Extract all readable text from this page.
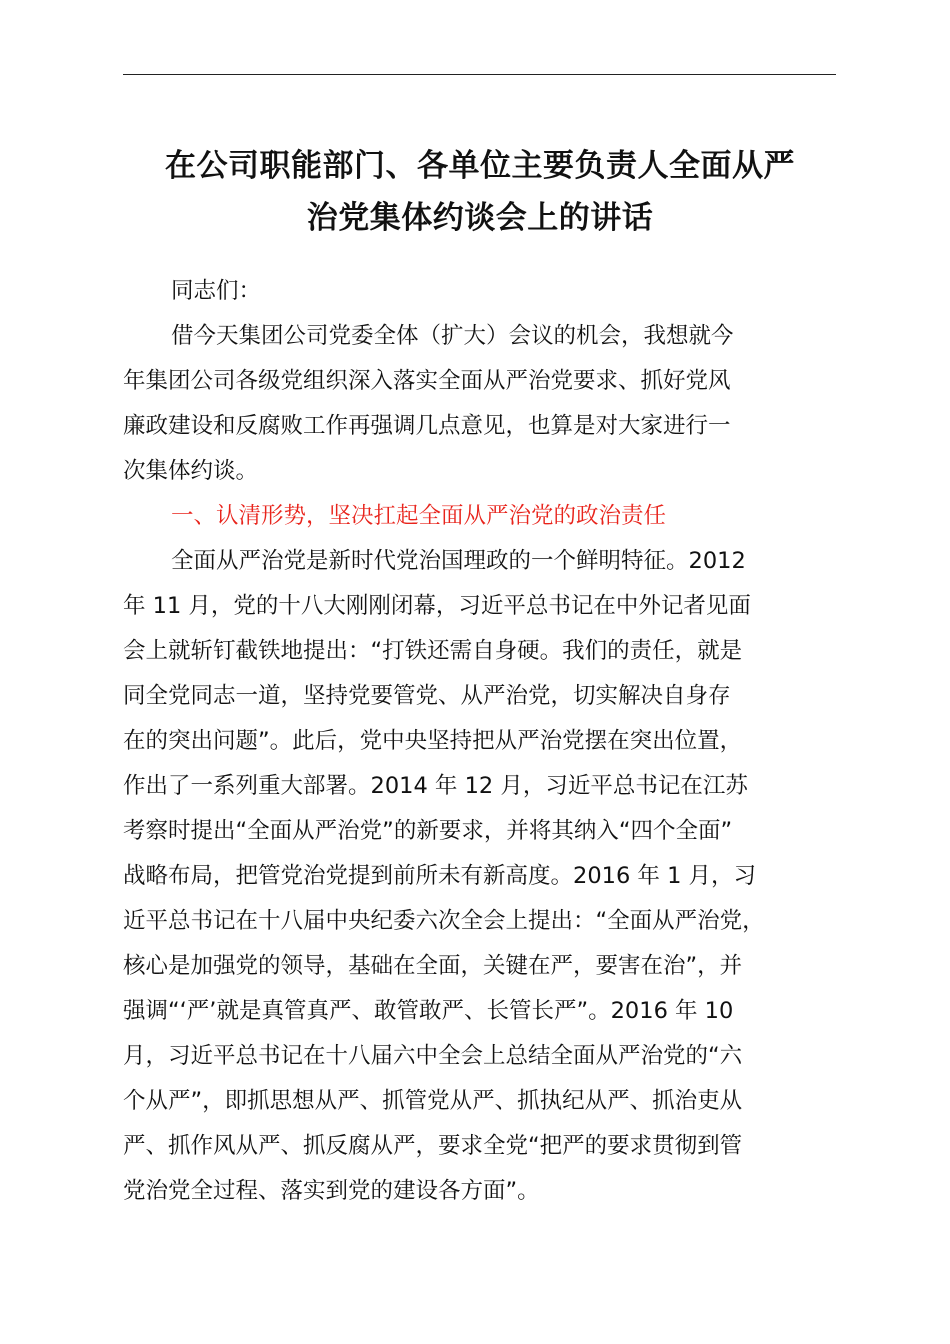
在公司职能部门、各单位主要负责人全面从严
治党集体约谈会上的讲话

同志们：

借今天集团公司党委全体（扩大）会议的机会，我想就今
年集团公司各级党组织深入落实全面从严治党要求、抓好党风
廉政建设和反腐败工作再强调几点意见，也算是对大家进行一
次集体约谈。

一、认清形势，坚决扛起全面从严治党的政治责任

全面从严治党是新时代党治国理政的一个鲜明特征。2012
年 11 月，党的十八大刚刚闭幕，习近平总书记在中外记者见面
会上就斩钉截铁地提出：“打铁还需自身硬。我们的责任，就是
同全党同志一道，坚持党要管党、从严治党，切实解决自身存
在的突出问题”。此后，党中央坚持把从严治党摆在突出位置，
作出了一系列重大部署。2014 年 12 月，习近平总书记在江苏
考察时提出“全面从严治党”的新要求，并将其纳入“四个全面”
战略布局，把管党治党提到前所未有新高度。2016 年 1 月，习
近平总书记在十八届中央纪委六次全会上提出：“全面从严治党，
核心是加强党的领导，基础在全面，关键在严，要害在治”，并
强调“‘严’就是真管真严、敢管敢严、长管长严”。2016 年 10
月，习近平总书记在十八届六中全会上总结全面从严治党的“六
个从严”，即抓思想从严、抓管党从严、抓执纪从严、抓治吏从
严、抓作风从严、抓反腐从严，要求全党“把严的要求贯彻到管
党治党全过程、落实到党的建设各方面”。
